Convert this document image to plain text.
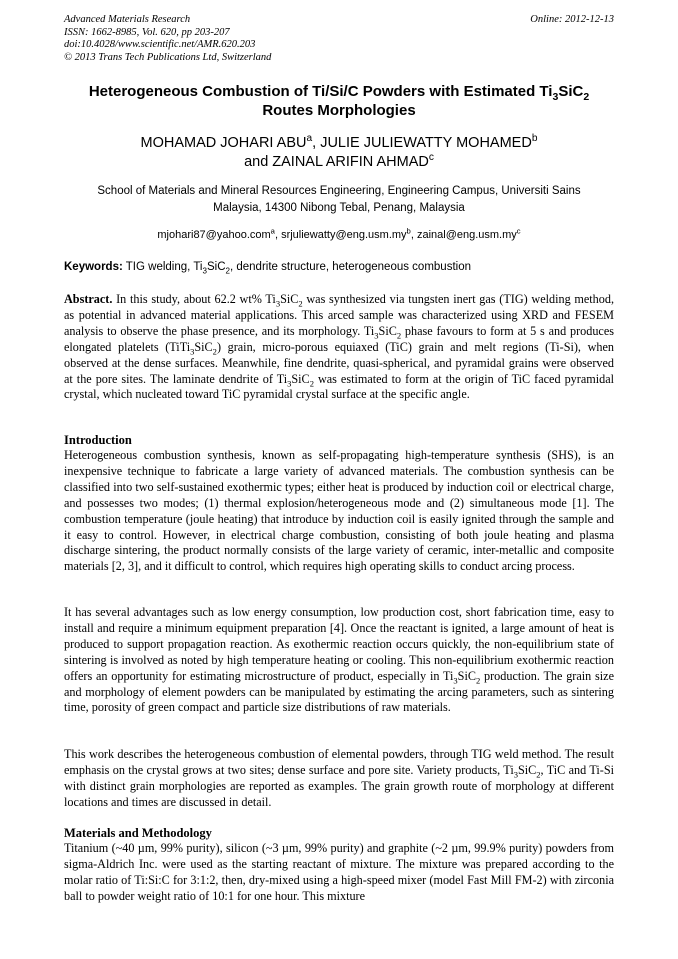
Advanced Materials Research
ISSN: 1662-8985, Vol. 620, pp 203-207
doi:10.4028/www.scientific.net/AMR.620.203
© 2013 Trans Tech Publications Ltd, Switzerland
Online: 2012-12-13
Heterogeneous Combustion of Ti/Si/C Powders with Estimated $Ti_3SiC_2$
Routes Morphologies
MOHAMAD JOHARI ABU$^a$, JULIE JULIEWATTY MOHAMED$^b$
and ZAINAL ARIFIN AHMAD$^c$
School of Materials and Mineral Resources Engineering, Engineering Campus, Universiti Sains
Malaysia, 14300 Nibong Tebal, Penang, Malaysia
mjohari87@yahoo.com$^a$, $srjuliewatty@eng.usm.my^b$, $zainal@eng.usm.my^c$
Keywords: TIG welding, $Ti_3SiC_2$, dendrite structure, heterogeneous combustion
Abstract. In this study, about 62.2 wt% $Ti_3SiC_2$ was synthesized via tungsten inert gas (TIG) welding method, as potential in advanced material applications. This arced sample was characterized using XRD and FESEM analysis to observe the phase presence, and its morphology. $Ti_3SiC_2$ phase favours to form at 5 s and produces elongated platelets (TiTi$_3$SiC$_2$) grain, micro-porous equiaxed (TiC) grain and melt regions (Ti-Si), when observed at the dense surfaces. Meanwhile, fine dendrite, quasi-spherical, and pyramidal grains were observed at the pore sites. The laminate dendrite of $Ti_3SiC_2$ was estimated to form at the origin of TiC faced pyramidal crystal, which nucleated toward TiC pyramidal crystal surface at the specific angle.
Introduction
Heterogeneous combustion synthesis, known as self-propagating high-temperature synthesis (SHS), is an inexpensive technique to fabricate a large variety of advanced materials. The combustion synthesis can be classified into two self-sustained exothermic types; either heat is produced by induction coil or electrical charge, and possesses two modes; (1) thermal explosion/heterogeneous mode and (2) simultaneous mode [1]. The combustion temperature (joule heating) that introduce by induction coil is easily ignited through the sample and it easy to control. However, in electrical charge combustion, consisting of both joule heating and plasma discharge sintering, the product normally consists of the large variety of ceramic, inter-metallic and composite materials [2, 3], and it difficult to control, which requires high operating skills to conduct arcing process.
It has several advantages such as low energy consumption, low production cost, short fabrication time, easy to install and require a minimum equipment preparation [4]. Once the reactant is ignited, a large amount of heat is produced to support propagation reaction. As exothermic reaction occurs quickly, the non-equilibrium state of sintering is involved as noted by high temperature heating or cooling. This non-equilibrium exothermic reaction offers an opportunity for estimating microstructure of product, especially in $Ti_3SiC_2$ production. The grain size and morphology of element powders can be manipulated by estimating the arcing parameters, such as sintering time, porosity of green compact and particle size distributions of raw materials.
This work describes the heterogeneous combustion of elemental powders, through TIG weld method. The result emphasis on the crystal grows at two sites; dense surface and pore site. Variety products, $Ti_3SiC_2$, TiC and Ti-Si with distinct grain morphologies are reported as examples. The grain growth route of morphology at different locations and times are discussed in detail.
Materials and Methodology
Titanium (~40 µm, 99% purity), silicon (~3 µm, 99% purity) and graphite (~2 µm, 99.9% purity) powders from sigma-Aldrich Inc. were used as the starting reactant of mixture. The mixture was prepared according to the molar ratio of Ti:Si:C for 3:1:2, then, dry-mixed using a high-speed mixer (model Fast Mill FM-2) with zirconia ball to powder weight ratio of 10:1 for one hour. This mixture
